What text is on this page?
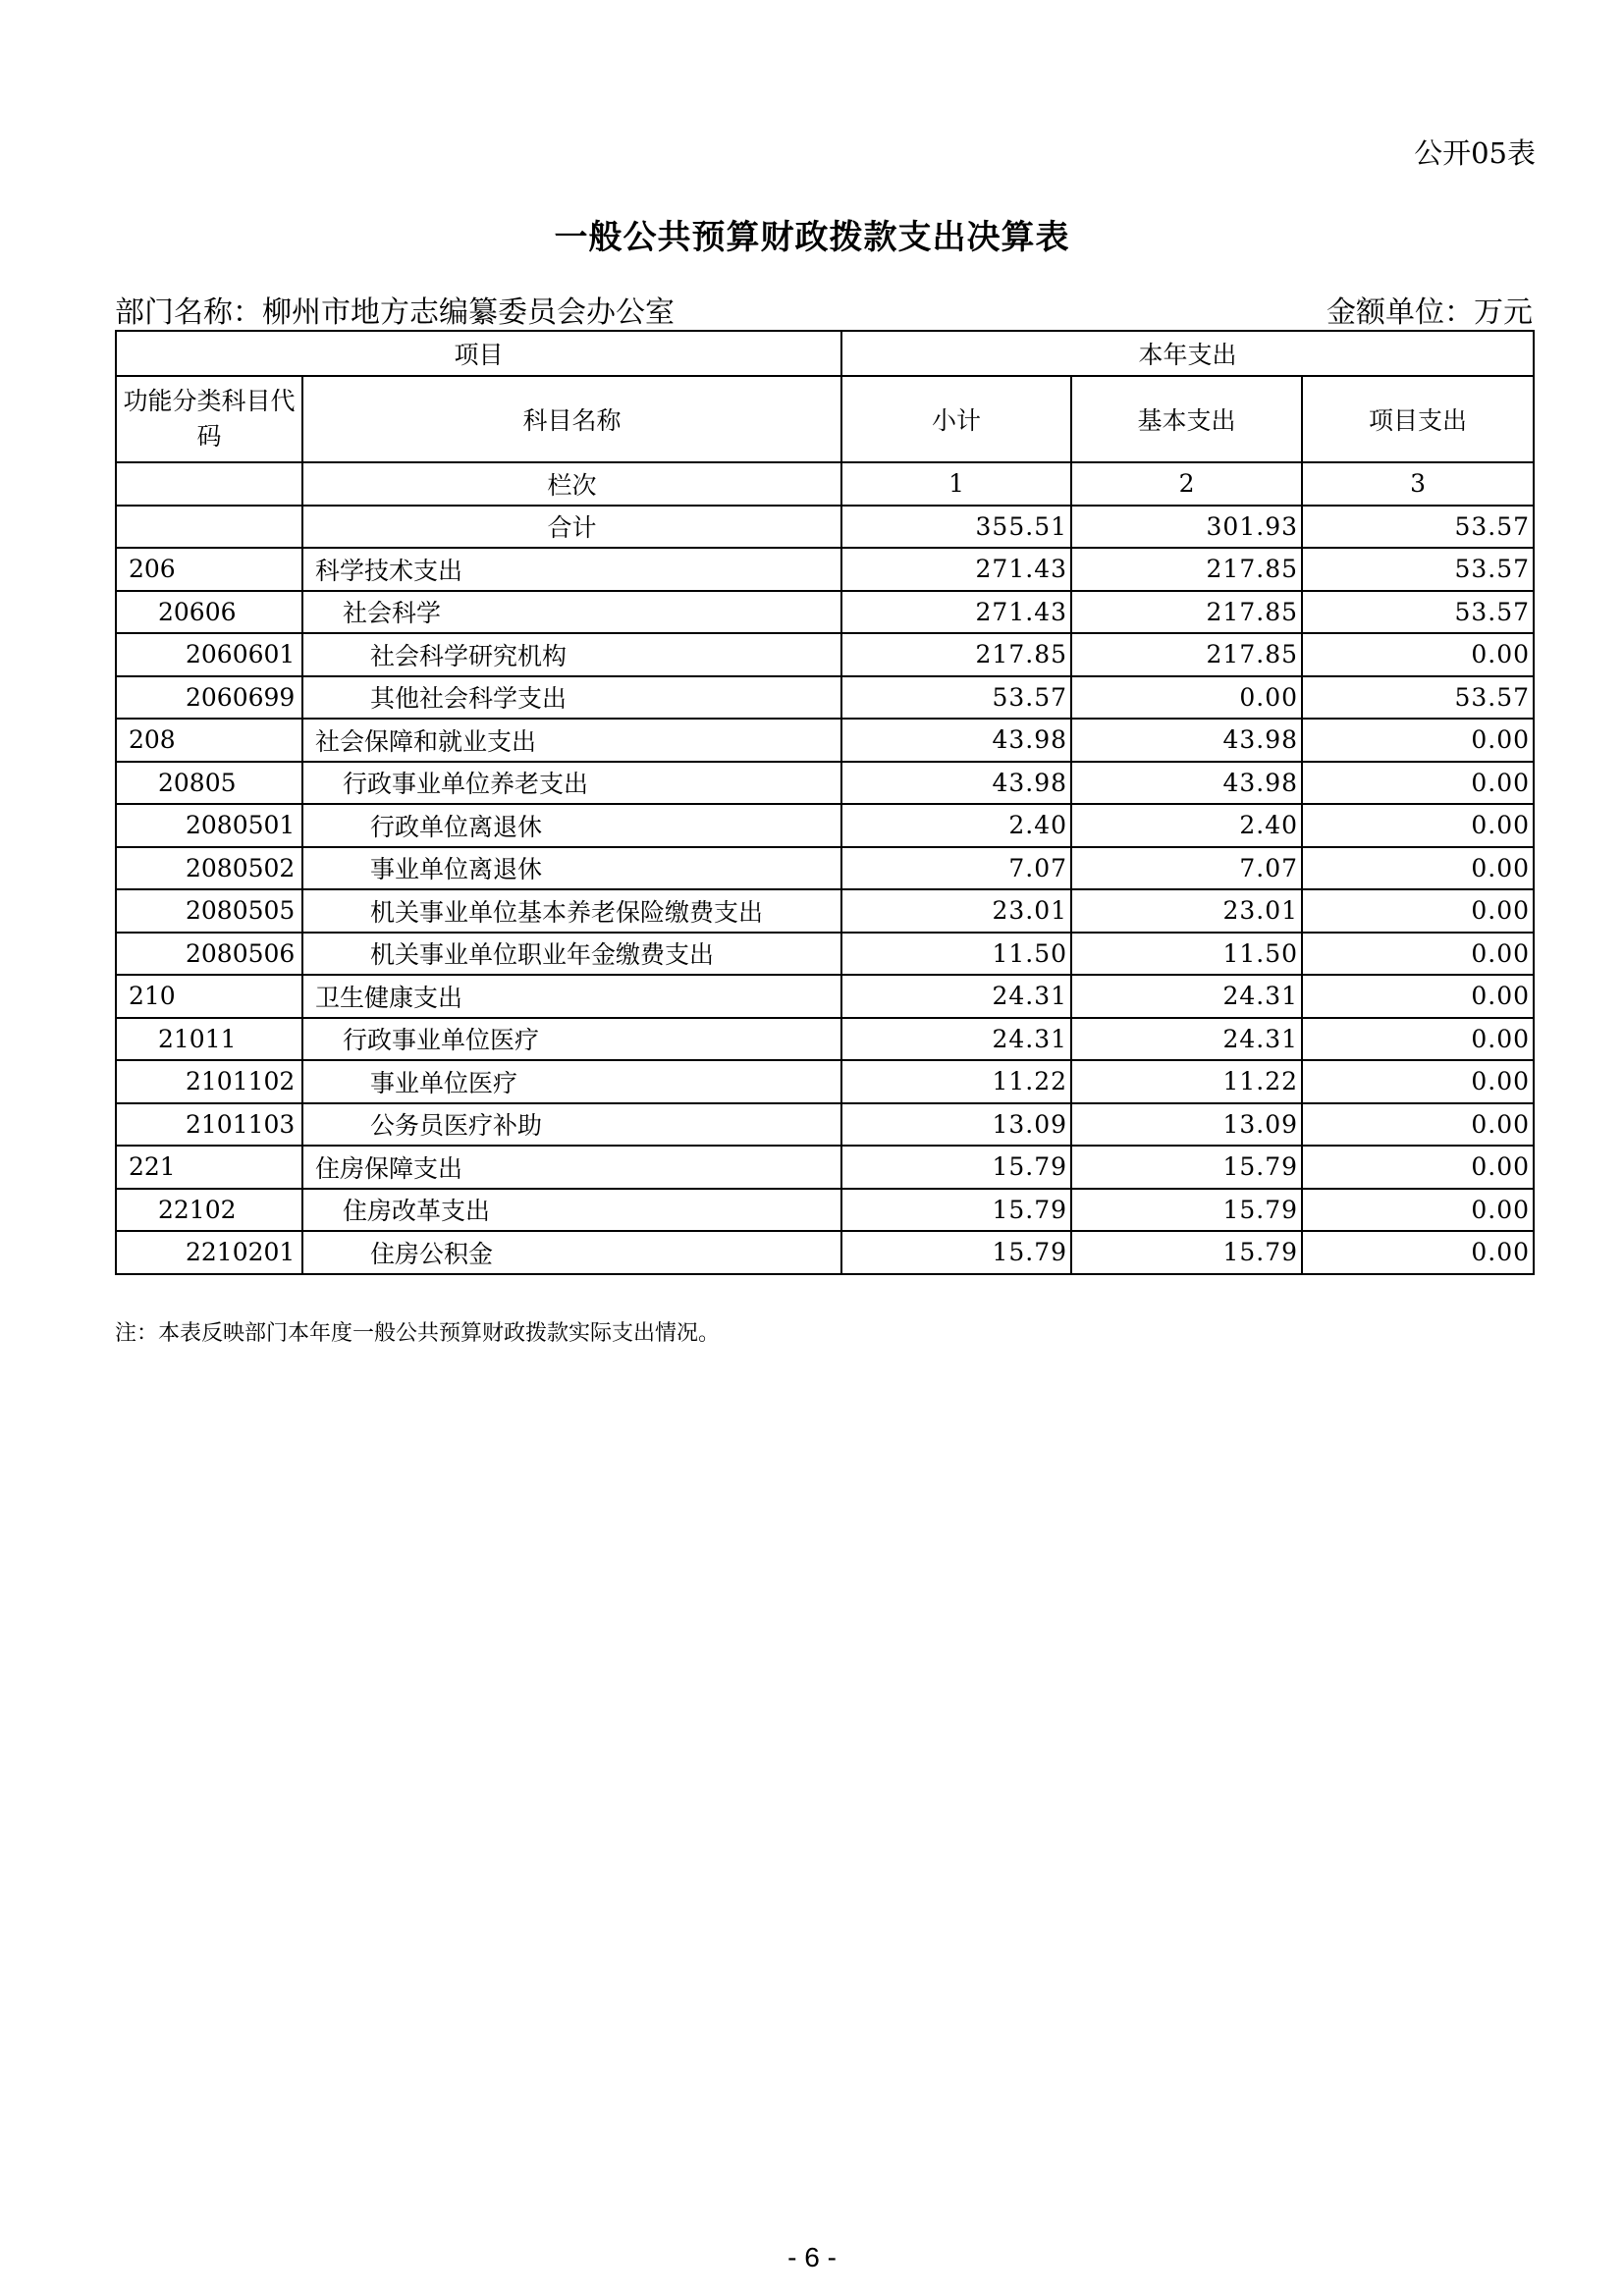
公开05表
一般公共预算财政拨款支出决算表
部门名称：柳州市地方志编纂委员会办公室	金额单位：万元
项目		本年支出		
功能分类科目代码	科目名称	小计	基本支出	项目支出
	栏次	1	2	3
	合计	355.51	301.93	53.57
206	科学技术支出	271.43	217.85	53.57
20606	社会科学	271.43	217.85	53.57
2060601	社会科学研究机构	217.85	217.85	0.00
2060699	其他社会科学支出	53.57	0.00	53.57
208	社会保障和就业支出	43.98	43.98	0.00
20805	行政事业单位养老支出	43.98	43.98	0.00
2080501	行政单位离退休	2.40	2.40	0.00
2080502	事业单位离退休	7.07	7.07	0.00
2080505	机关事业单位基本养老保险缴费支出	23.01	23.01	0.00
2080506	机关事业单位职业年金缴费支出	11.50	11.50	0.00
210	卫生健康支出	24.31	24.31	0.00
21011	行政事业单位医疗	24.31	24.31	0.00
2101102	事业单位医疗	11.22	11.22	0.00
2101103	公务员医疗补助	13.09	13.09	0.00
221	住房保障支出	15.79	15.79	0.00
22102	住房改革支出	15.79	15.79	0.00
2210201	住房公积金	15.79	15.79	0.00
注：本表反映部门本年度一般公共预算财政拨款实际支出情况。
- 6 -
